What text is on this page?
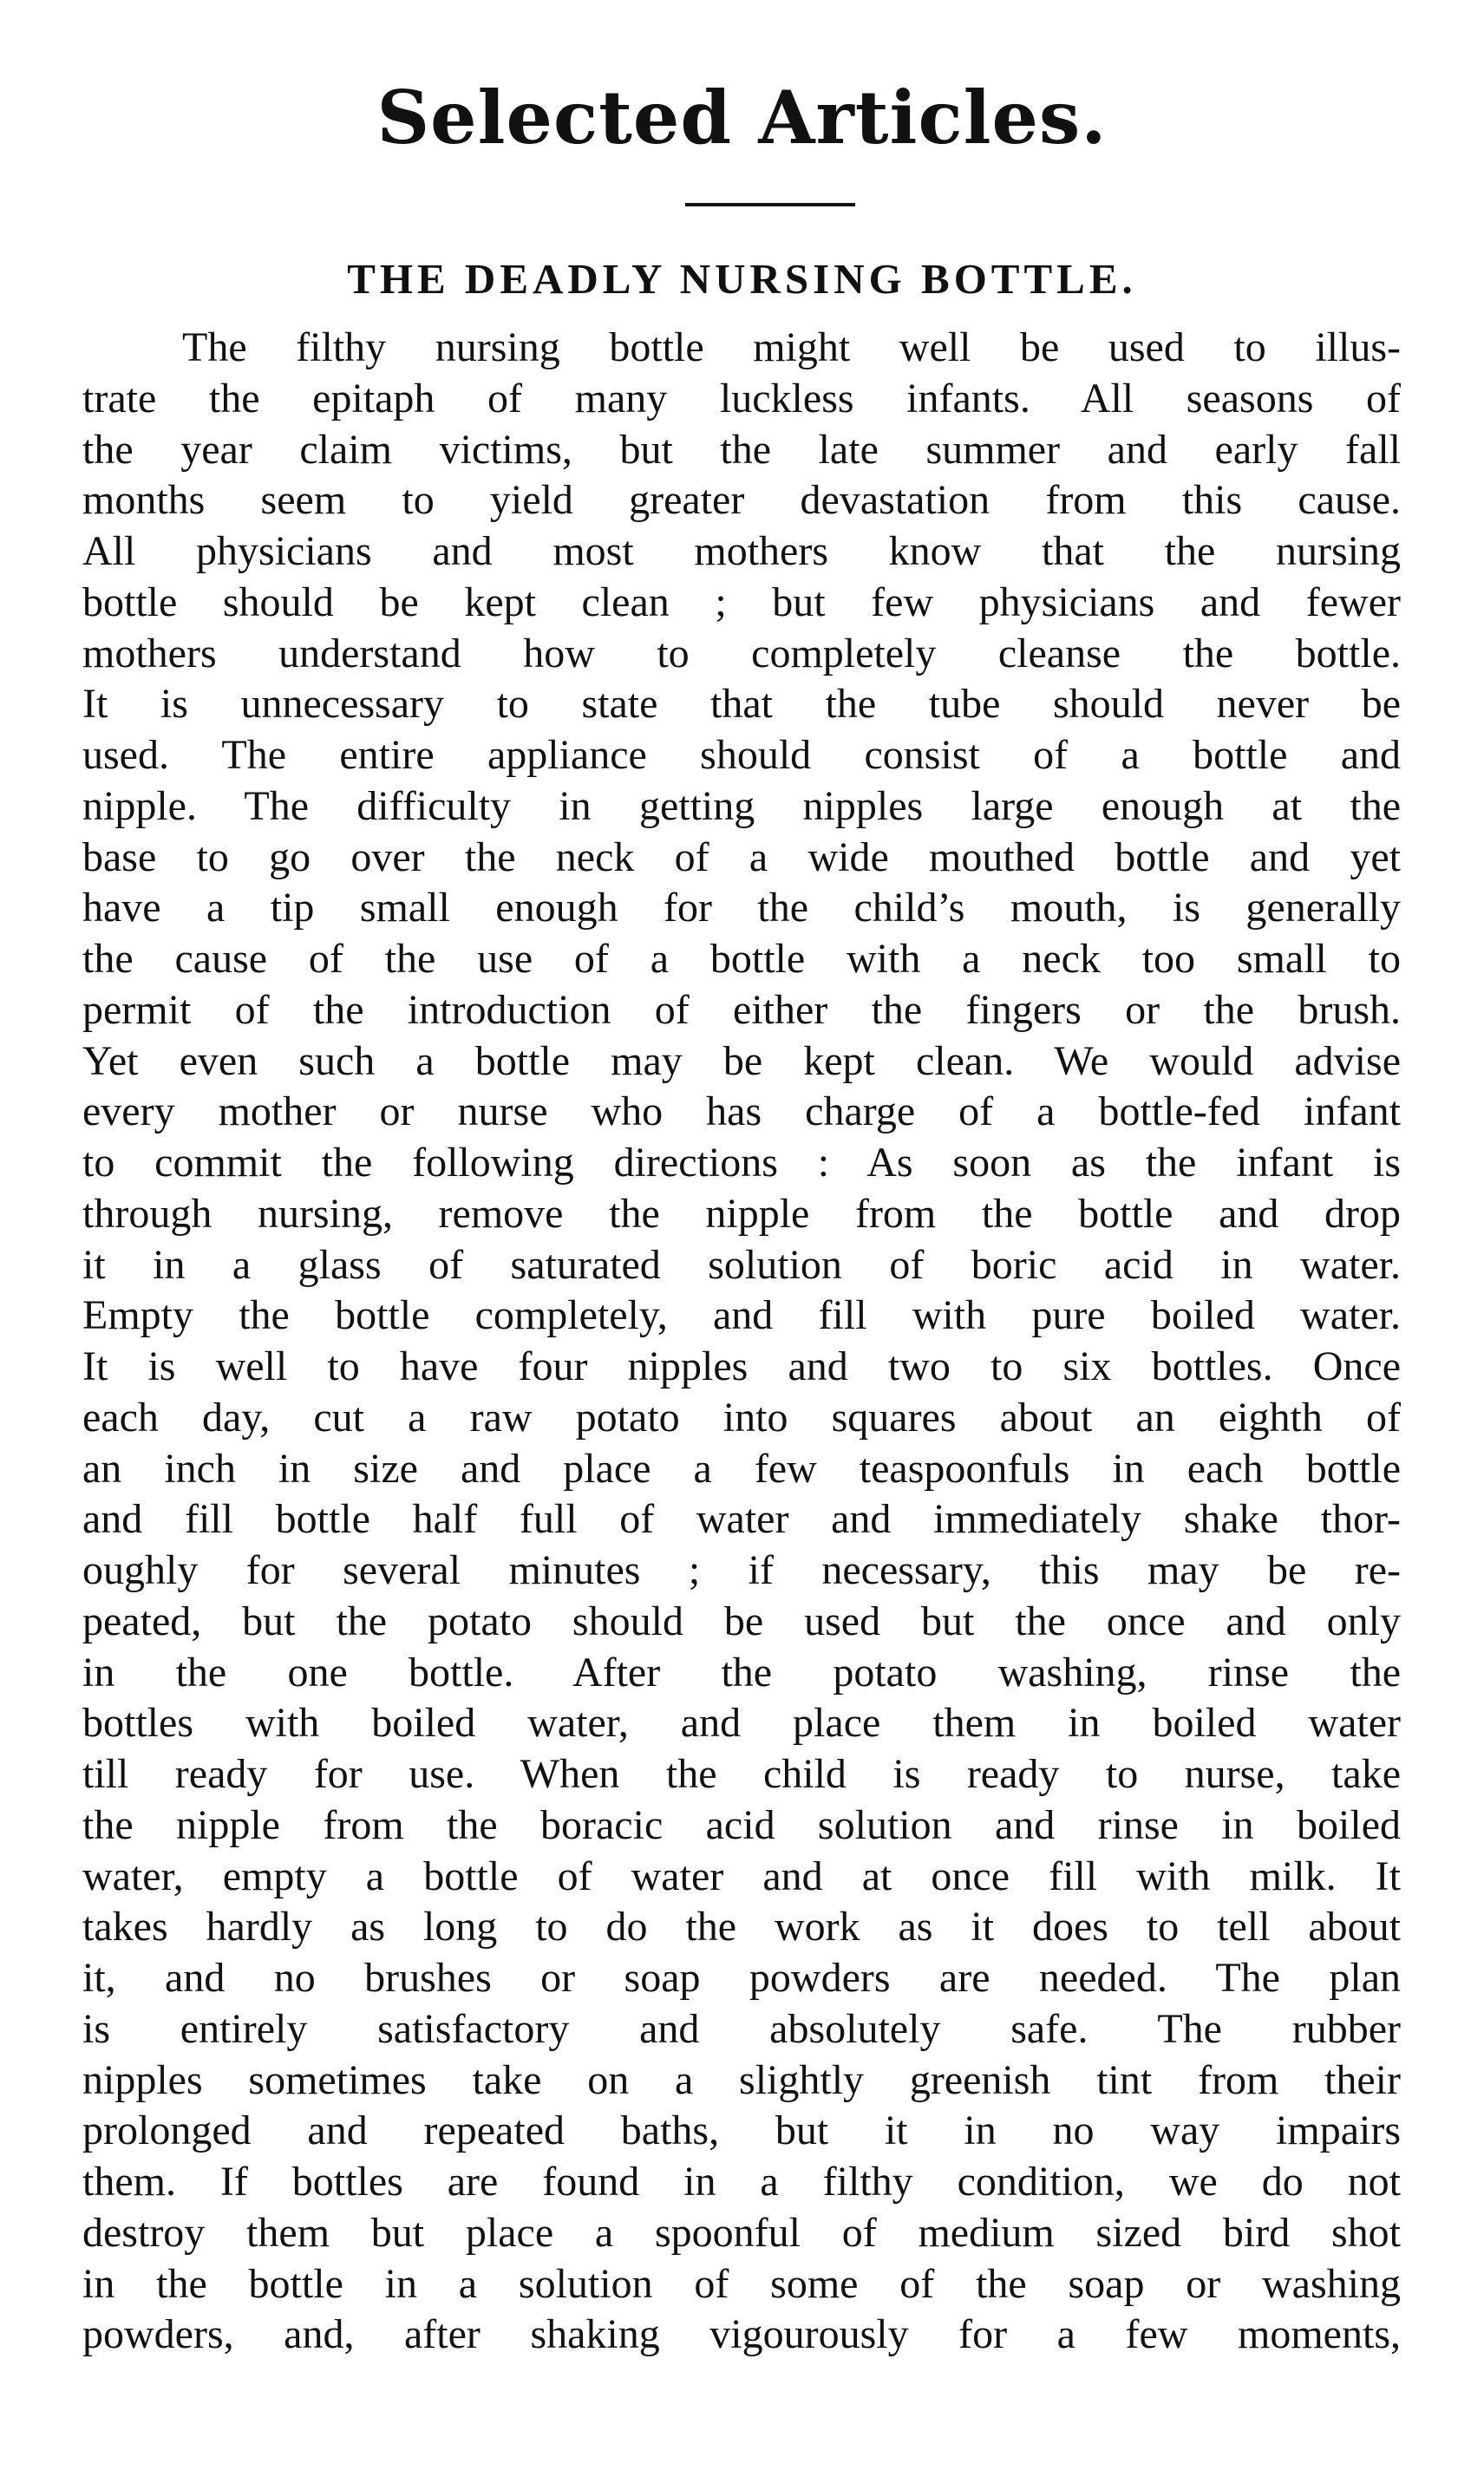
Selected Articles.
THE DEADLY NURSING BOTTLE.
The filthy nursing bottle might well be used to illus-
trate the epitaph of many luckless infants. All seasons of
the year claim victims, but the late summer and early fall
months seem to yield greater devastation from this cause.
All physicians and most mothers know that the nursing
bottle should be kept clean ; but few physicians and fewer
mothers understand how to completely cleanse the bottle.
It is unnecessary to state that the tube should never be
used. The entire appliance should consist of a bottle and
nipple. The difficulty in getting nipples large enough at the
base to go over the neck of a wide mouthed bottle and yet
have a tip small enough for the child’s mouth, is generally
the cause of the use of a bottle with a neck too small to
permit of the introduction of either the fingers or the brush.
Yet even such a bottle may be kept clean. We would advise
every mother or nurse who has charge of a bottle-fed infant
to commit the following directions : As soon as the infant is
through nursing, remove the nipple from the bottle and drop
it in a glass of saturated solution of boric acid in water.
Empty the bottle completely, and fill with pure boiled water.
It is well to have four nipples and two to six bottles. Once
each day, cut a raw potato into squares about an eighth of
an inch in size and place a few teaspoonfuls in each bottle
and fill bottle half full of water and immediately shake thor-
oughly for several minutes ; if necessary, this may be re-
peated, but the potato should be used but the once and only
in the one bottle. After the potato washing, rinse the
bottles with boiled water, and place them in boiled water
till ready for use. When the child is ready to nurse, take
the nipple from the boracic acid solution and rinse in boiled
water, empty a bottle of water and at once fill with milk. It
takes hardly as long to do the work as it does to tell about
it, and no brushes or soap powders are needed. The plan
is entirely satisfactory and absolutely safe. The rubber
nipples sometimes take on a slightly greenish tint from their
prolonged and repeated baths, but it in no way impairs
them. If bottles are found in a filthy condition, we do not
destroy them but place a spoonful of medium sized bird shot
in the bottle in a solution of some of the soap or washing
powders, and, after shaking vigourously for a few moments,
